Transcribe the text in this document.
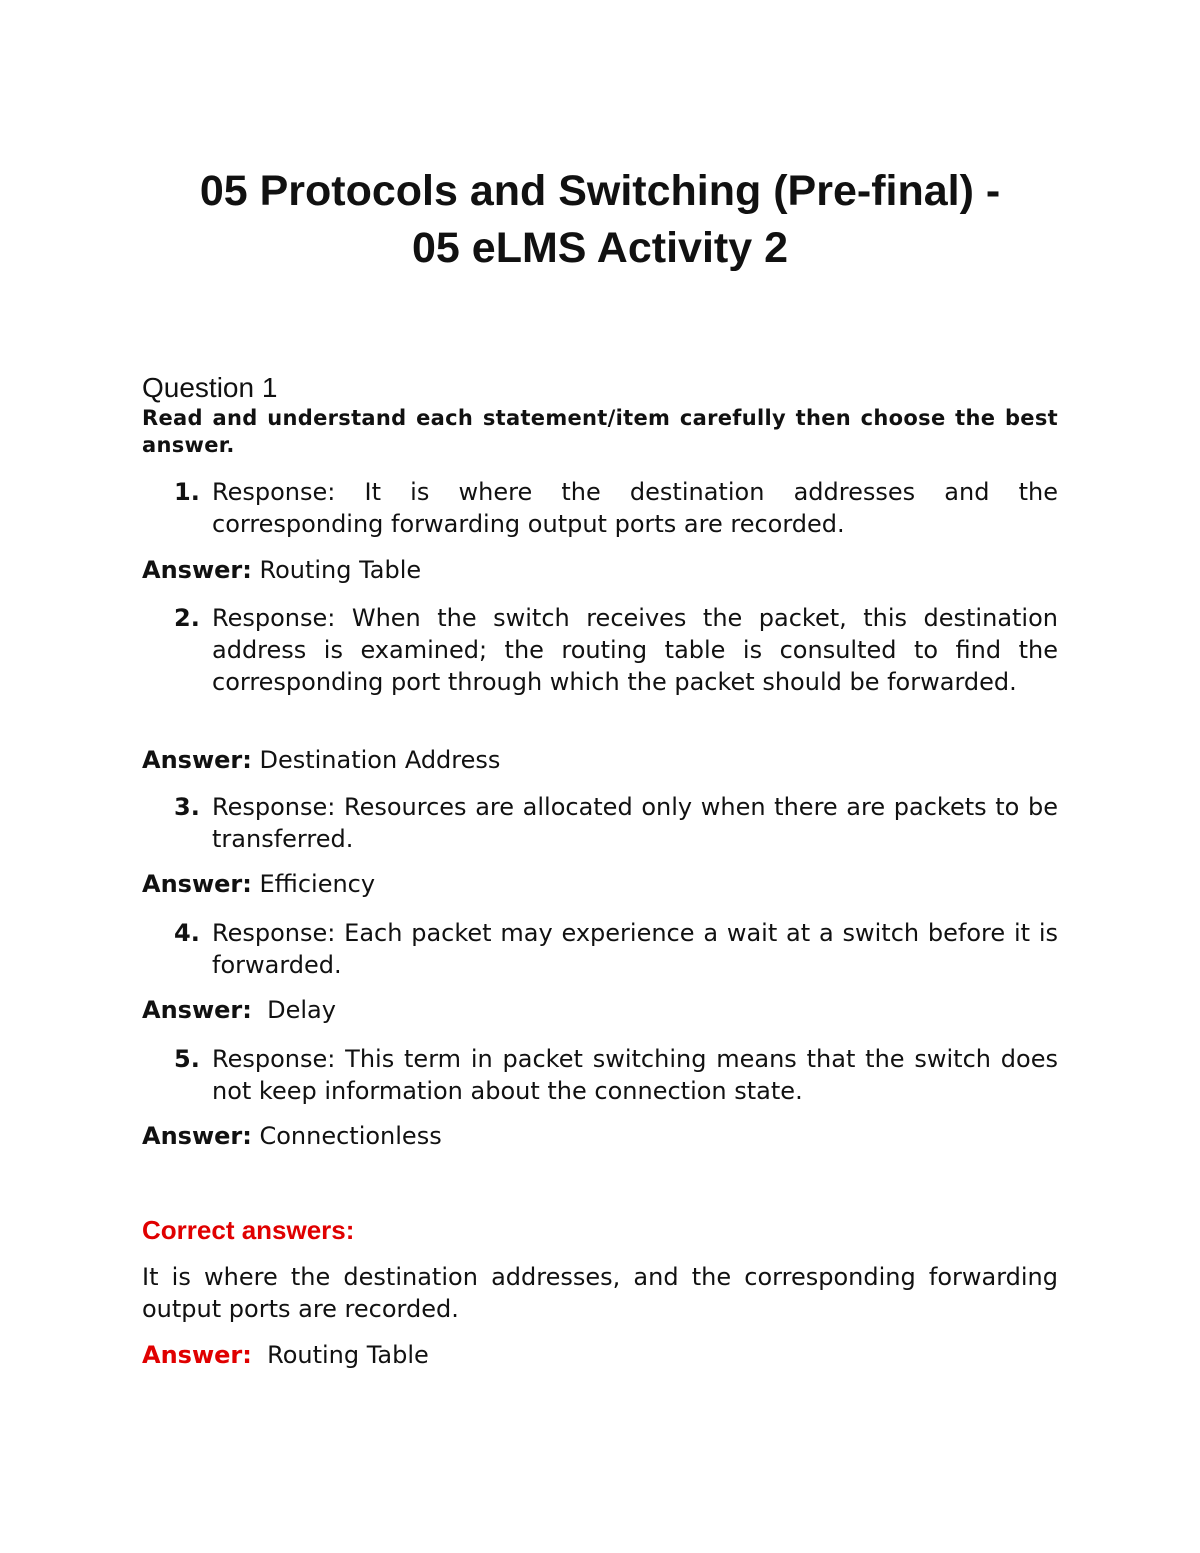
05 Protocols and Switching (Pre-final) -
05 eLMS Activity 2
Question 1
Read and understand each statement/item carefully then choose the best answer.
1. Response: It is where the destination addresses and the corresponding forwarding output ports are recorded.
Answer: Routing Table
2. Response: When the switch receives the packet, this destination address is examined; the routing table is consulted to find the corresponding port through which the packet should be forwarded.
Answer: Destination Address
3. Response: Resources are allocated only when there are packets to be transferred.
Answer: Efficiency
4. Response: Each packet may experience a wait at a switch before it is forwarded.
Answer:  Delay
5. Response: This term in packet switching means that the switch does not keep information about the connection state.
Answer: Connectionless
Correct answers:
It is where the destination addresses, and the corresponding forwarding output ports are recorded.
Answer:  Routing Table
